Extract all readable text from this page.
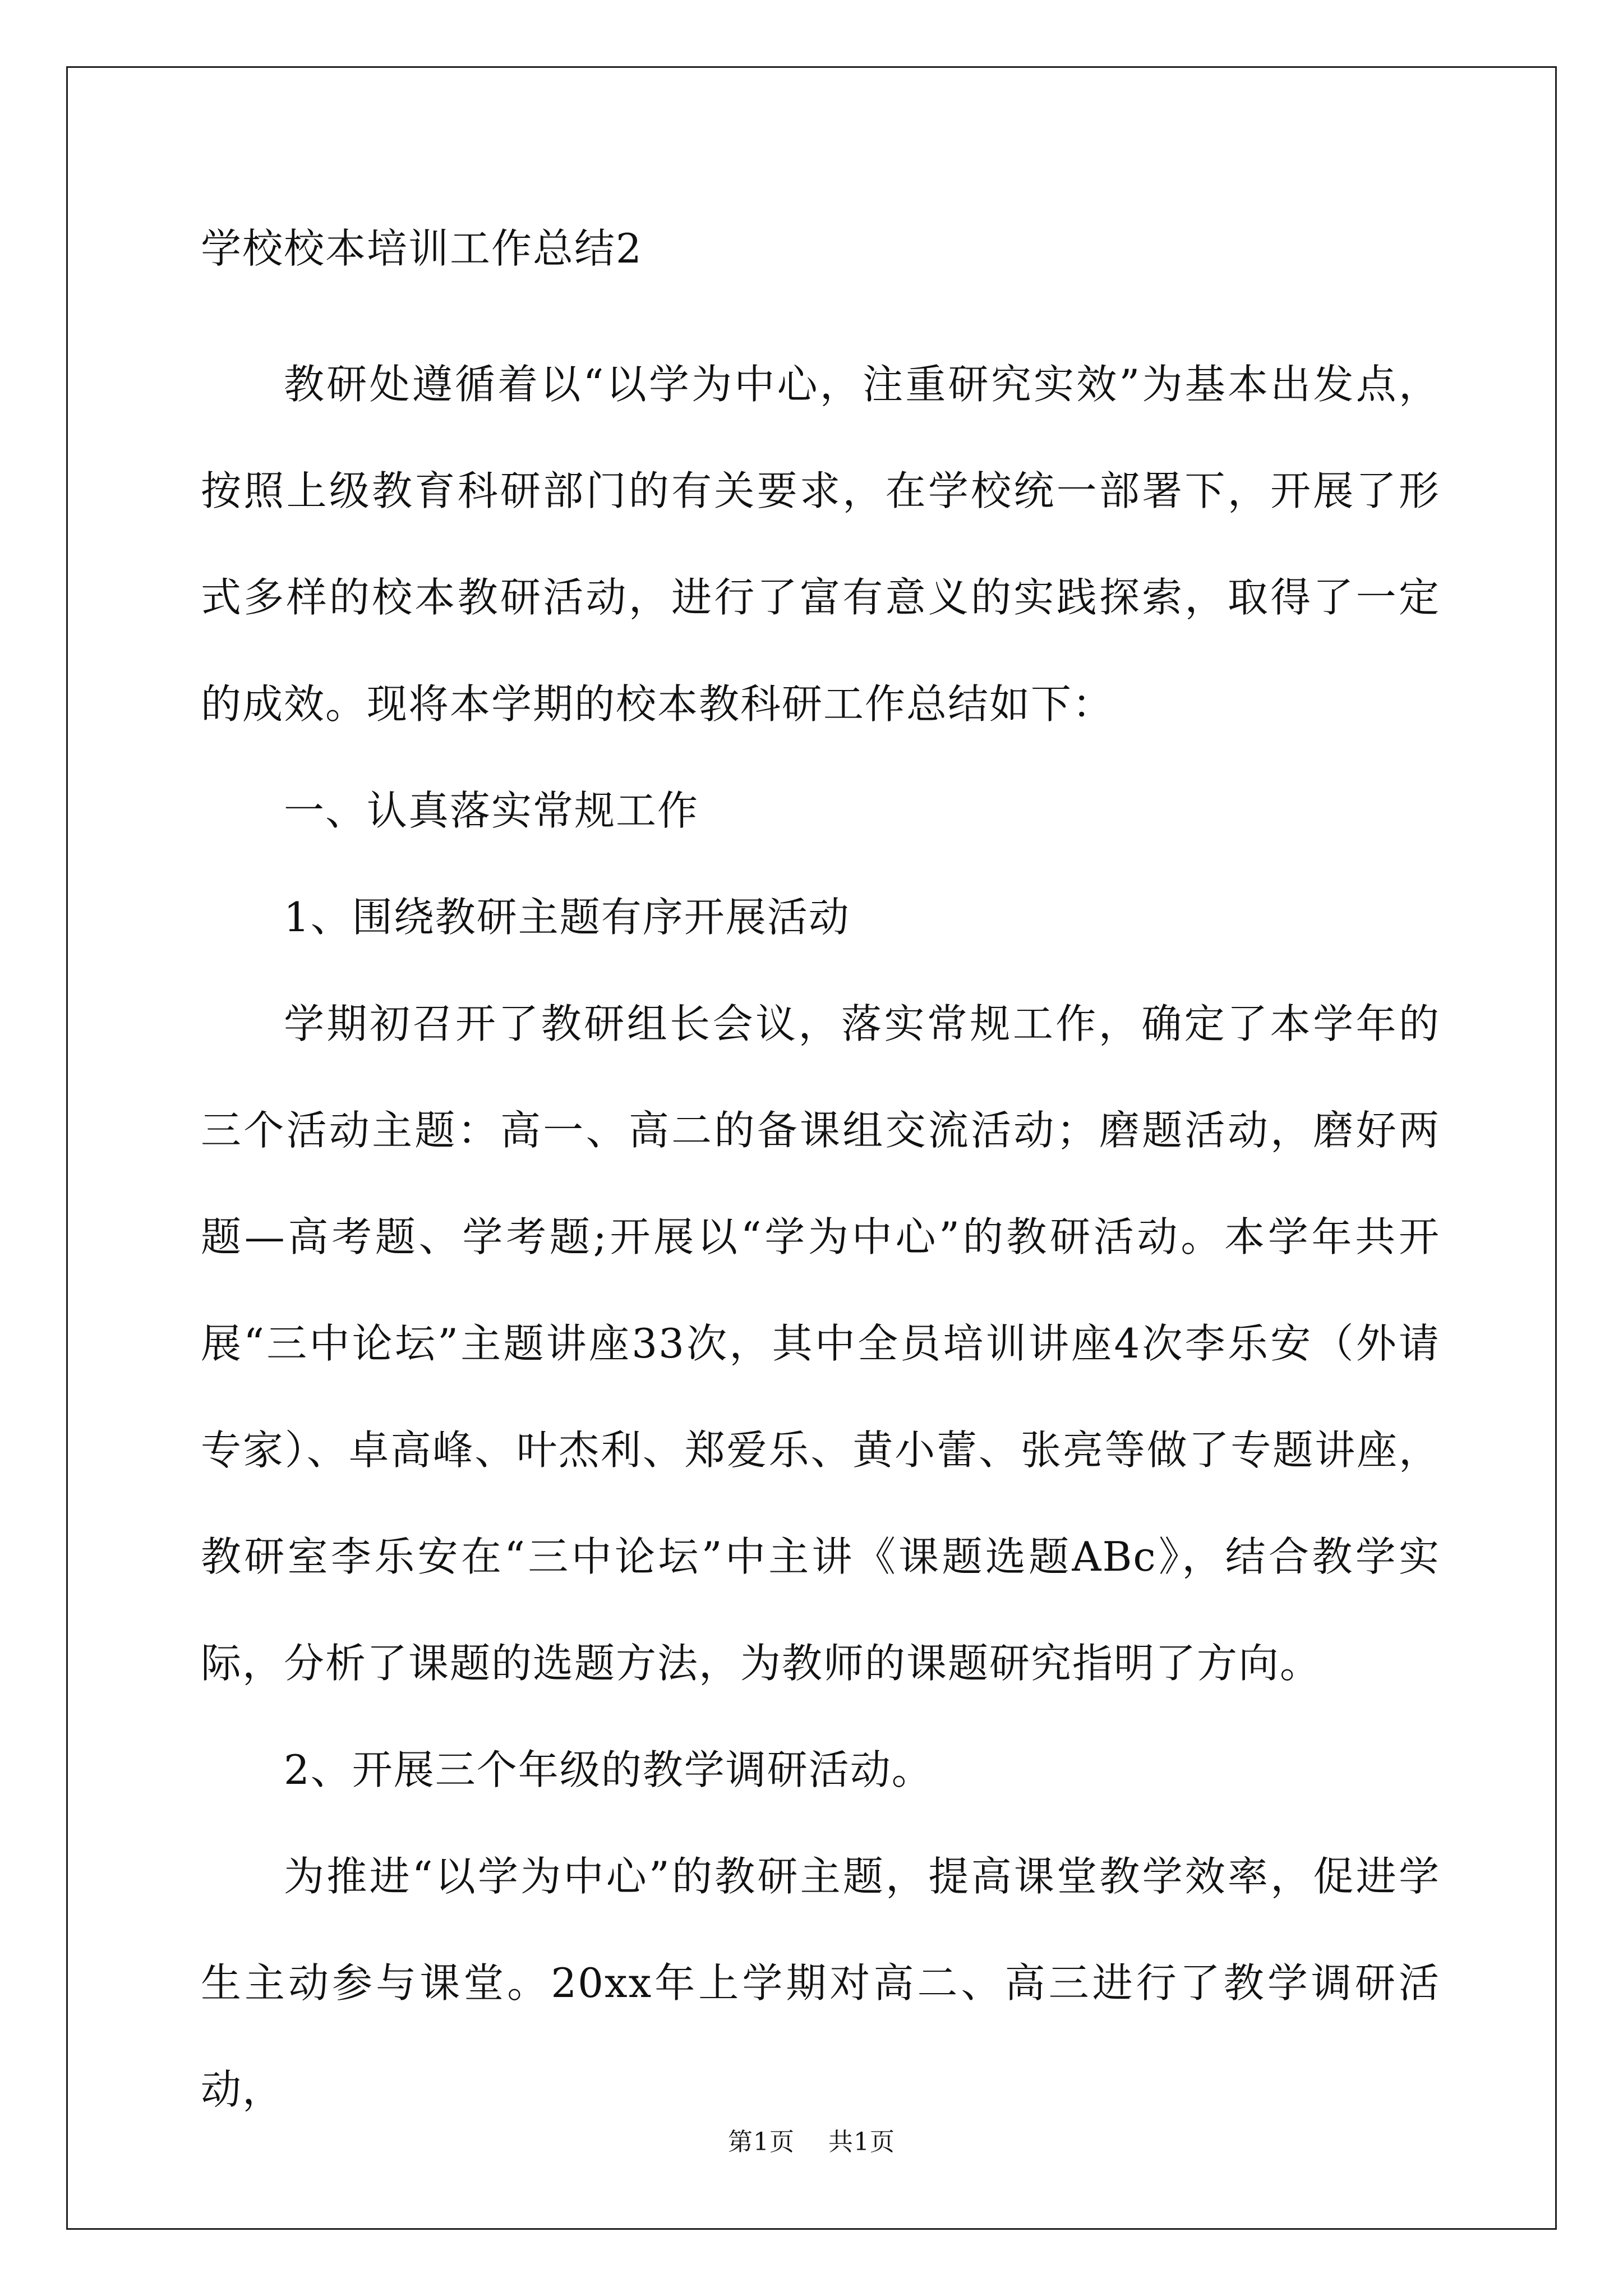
学校校本培训工作总结2

教研处遵循着以“以学为中心，注重研究实效”为基本出发点，按照上级教育科研部门的有关要求，在学校统一部署下，开展了形式多样的校本教研活动，进行了富有意义的实践探索，取得了一定的成效。现将本学期的校本教科研工作总结如下：

一、认真落实常规工作

1、围绕教研主题有序开展活动

学期初召开了教研组长会议，落实常规工作，确定了本学年的三个活动主题：高一、高二的备课组交流活动；磨题活动，磨好两题—高考题、学考题;开展以“学为中心”的教研活动。本学年共开展“三中论坛”主题讲座33次，其中全员培训讲座4次李乐安（外请专家）、卓高峰、叶杰利、郑爱乐、黄小蕾、张亮等做了专题讲座，教研室李乐安在“三中论坛”中主讲《课题选题ABc》，结合教学实际，分析了课题的选题方法，为教师的课题研究指明了方向。

2、开展三个年级的教学调研活动。

为推进“以学为中心”的教研主题，提高课堂教学效率，促进学生主动参与课堂。20xx年上学期对高二、高三进行了教学调研活动，

第1页 共1页
